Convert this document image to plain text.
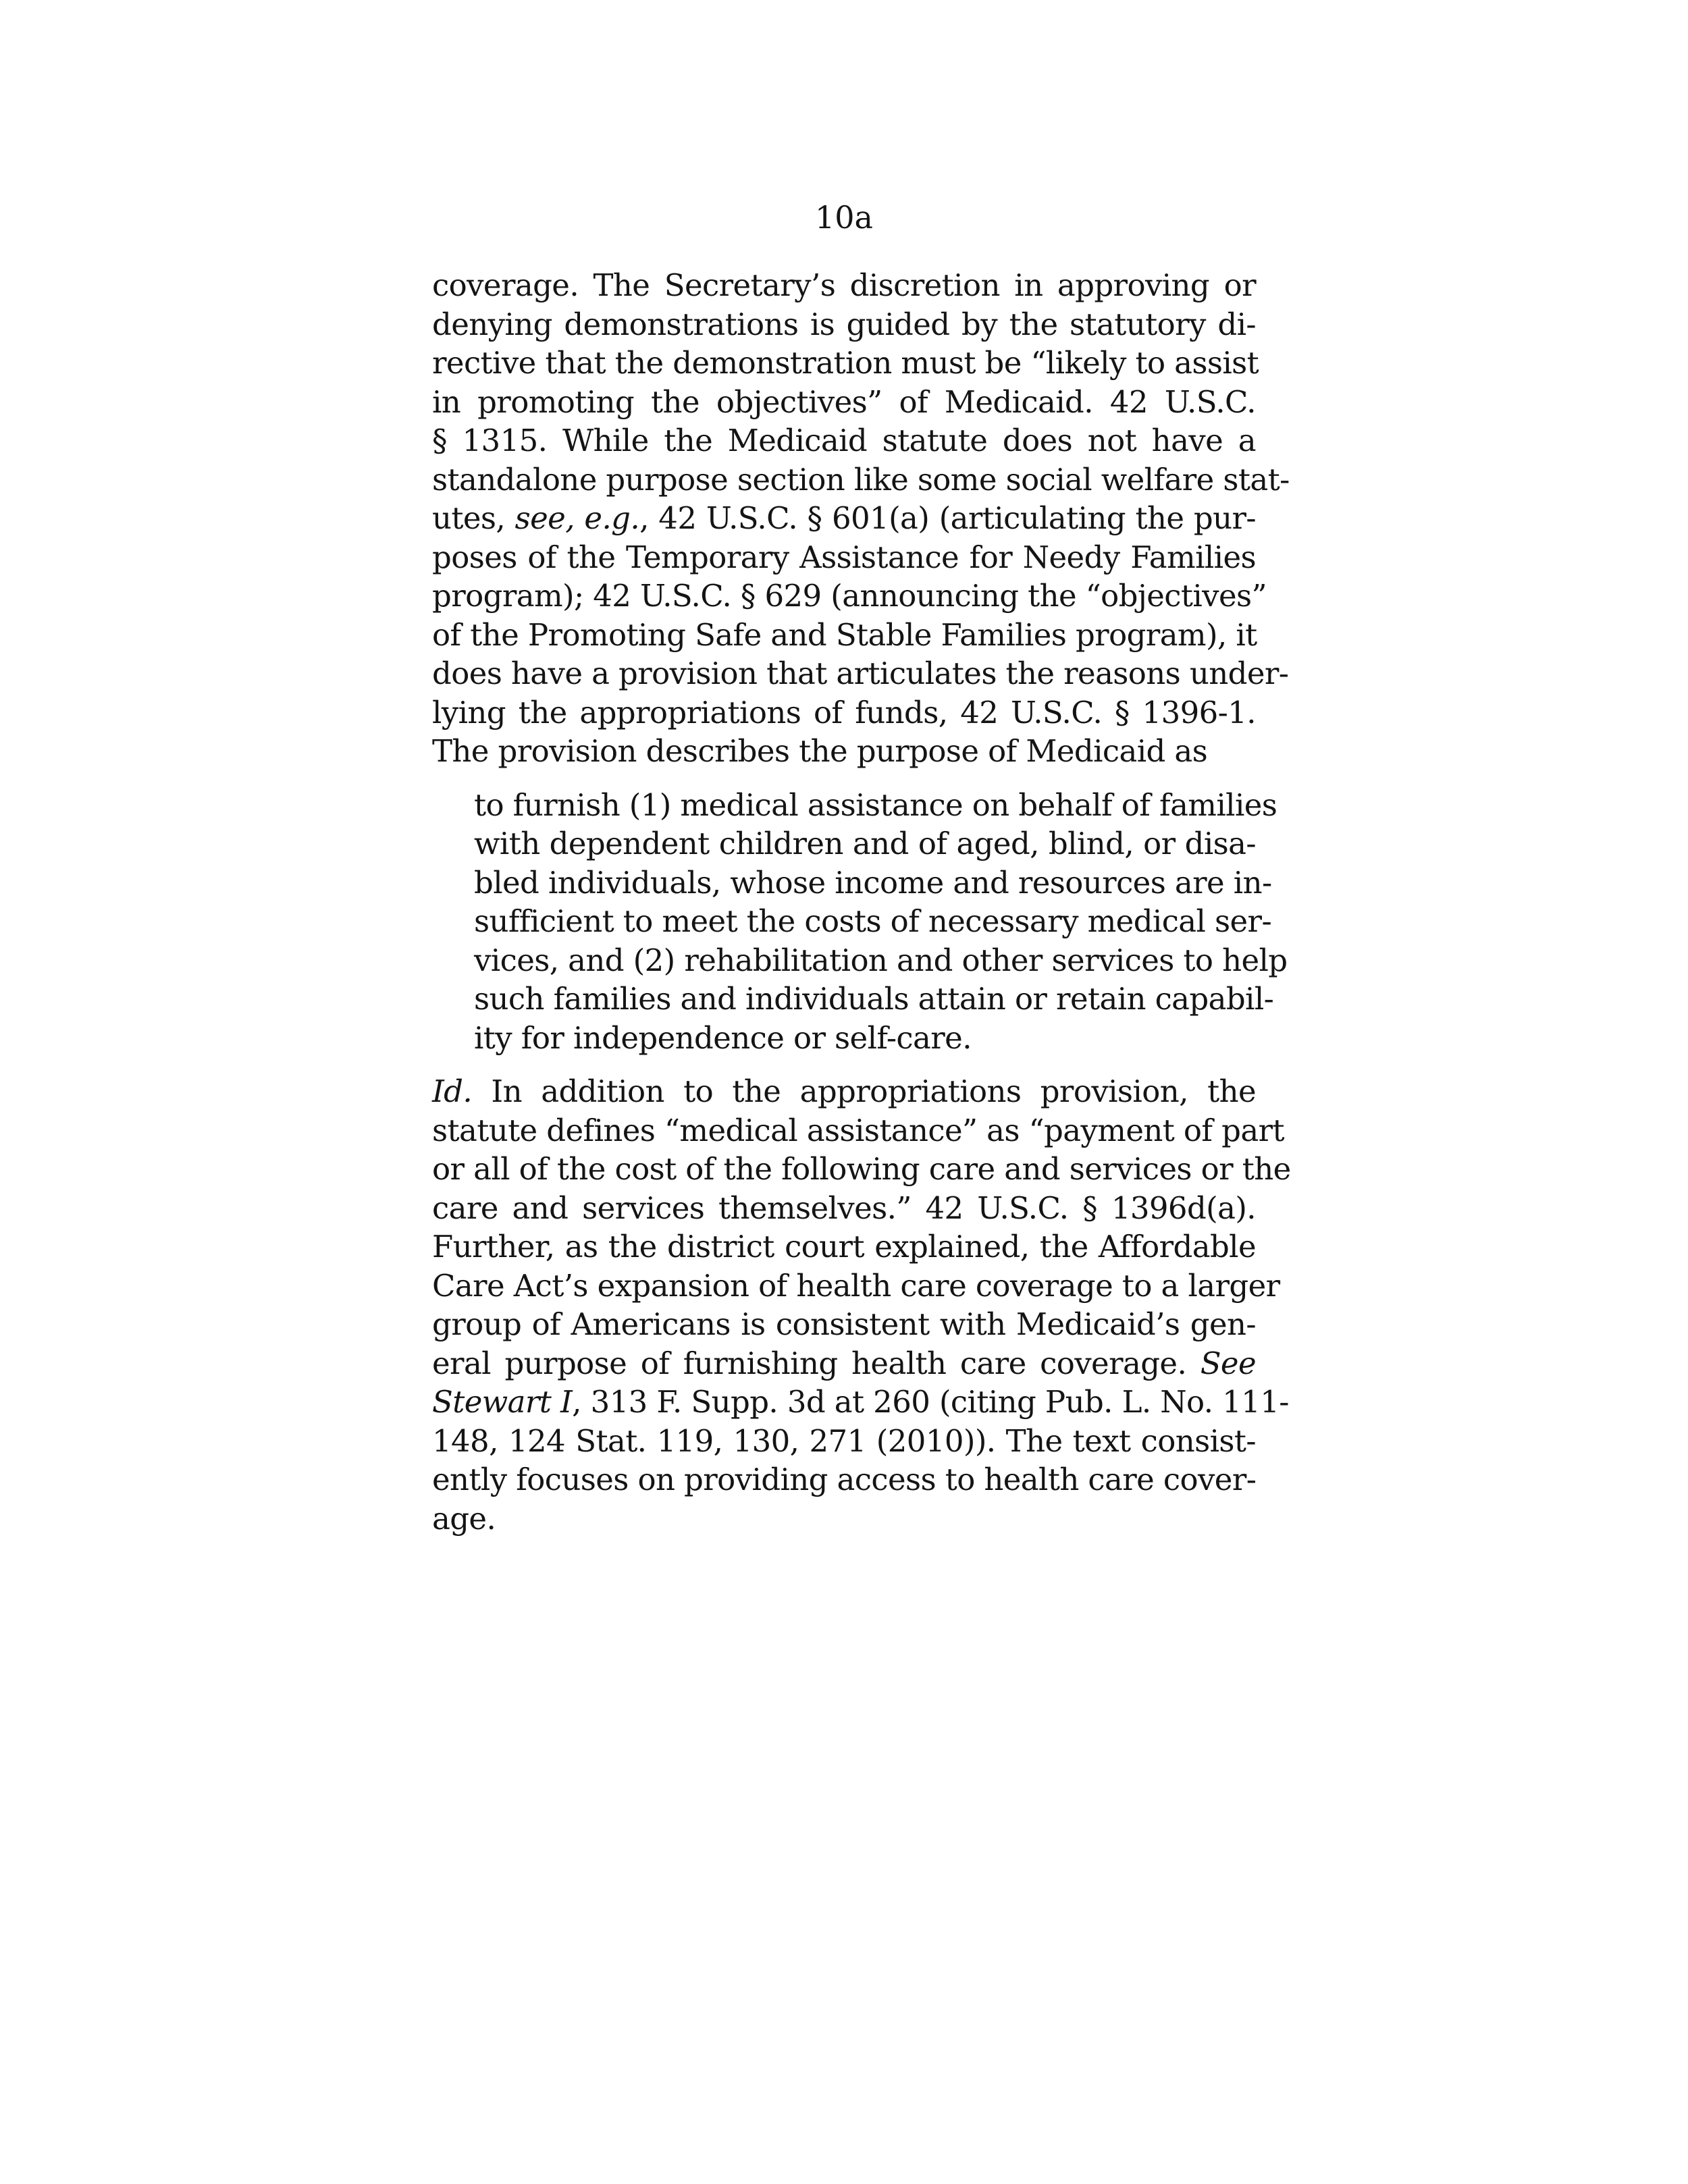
10a

coverage. The Secretary’s discretion in approving or
denying demonstrations is guided by the statutory di-
rective that the demonstration must be “likely to assist
in promoting the objectives” of Medicaid. 42 U.S.C.
§ 1315. While the Medicaid statute does not have a
standalone purpose section like some social welfare stat-
utes, see, e.g., 42 U.S.C. § 601(a) (articulating the pur-
poses of the Temporary Assistance for Needy Families
program); 42 U.S.C. § 629 (announcing the “objectives”
of the Promoting Safe and Stable Families program), it
does have a provision that articulates the reasons under-
lying the appropriations of funds, 42 U.S.C. § 1396-1.
The provision describes the purpose of Medicaid as
to furnish (1) medical assistance on behalf of families
with dependent children and of aged, blind, or disa-
bled individuals, whose income and resources are in-
sufficient to meet the costs of necessary medical ser-
vices, and (2) rehabilitation and other services to help
such families and individuals attain or retain capabil-
ity for independence or self-care.
Id. In addition to the appropriations provision, the
statute defines “medical assistance” as “payment of part
or all of the cost of the following care and services or the
care and services themselves.” 42 U.S.C. § 1396d(a).
Further, as the district court explained, the Affordable
Care Act’s expansion of health care coverage to a larger
group of Americans is consistent with Medicaid’s gen-
eral purpose of furnishing health care coverage. See
Stewart I, 313 F. Supp. 3d at 260 (citing Pub. L. No. 111-
148, 124 Stat. 119, 130, 271 (2010)). The text consist-
ently focuses on providing access to health care cover-
age.
